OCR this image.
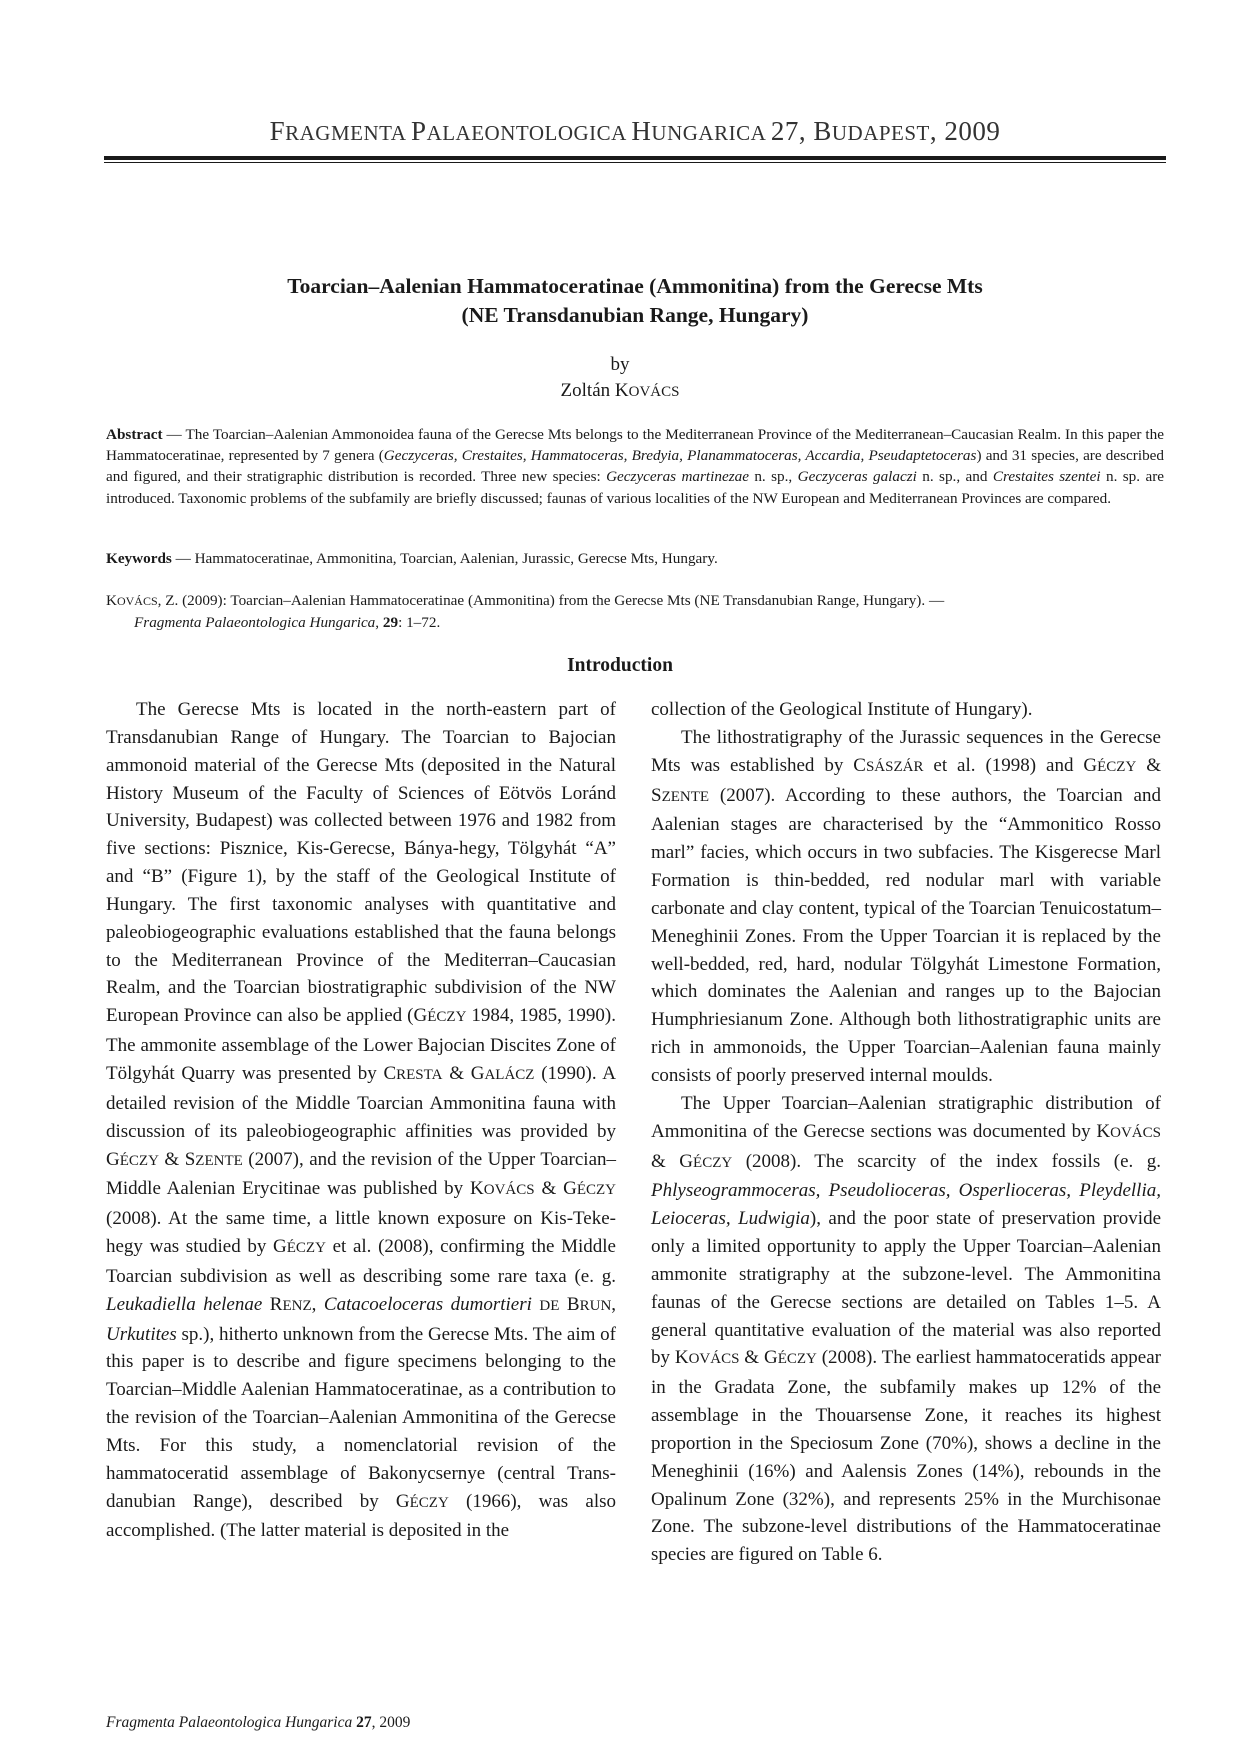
FRAGMENTA PALAEONTOLOGICA HUNGARICA 27, BUDAPEST, 2009
Toarcian–Aalenian Hammatoceratinae (Ammonitina) from the Gerecse Mts
(NE Transdanubian Range, Hungary)
by
Zoltán KOVÁCS
Abstract — The Toarcian–Aalenian Ammonoidea fauna of the Gerecse Mts belongs to the Mediterranean Province of the Mediterranean–Caucasian Realm. In this paper the Hammatoceratinae, represented by 7 genera (Geczyceras, Crestaites, Hammatoceras, Bredyia, Planammatoceras, Accardia, Pseudaptetoceras) and 31 species, are described and figured, and their stratigraphic distribution is recorded. Three new species: Geczyceras martinezae n. sp., Geczyceras galaczi n. sp., and Crestaites szentei n. sp. are introduced. Taxonomic problems of the subfamily are briefly discussed; faunas of various localities of the NW European and Mediterranean Provinces are compared.
Keywords — Hammatoceratinae, Ammonitina, Toarcian, Aalenian, Jurassic, Gerecse Mts, Hungary.
KOVÁCS, Z. (2009): Toarcian–Aalenian Hammatoceratinae (Ammonitina) from the Gerecse Mts (NE Transdanubian Range, Hungary). —
Fragmenta Palaeontologica Hungarica, 29: 1–72.
Introduction

The Gerecse Mts is located in the north-eastern part of Transdanubian Range of Hungary. The Toarcian to Bajocian ammonoid material of the Gerecse Mts (deposited in the Natural History Museum of the Faculty of Sciences of Eötvös Loránd University, Budapest) was collected between 1976 and 1982 from five sections: Pisznice, Kis-Gerecse, Bánya-hegy, Tölgyhát “A” and “B” (Figure 1), by the staff of the Geological Institute of Hungary. The first taxonomic analyses with quantitative and paleobiogeographic evaluations established that the fauna belongs to the Mediterranean Province of the Mediterran–Caucasian Realm, and the Toarcian biostratigraphic subdivision of the NW European Province can also be applied (GÉCZY 1984, 1985, 1990). The ammonite assemblage of the Lower Bajocian Discites Zone of Tölgyhát Quarry was presented by CRESTA & GALÁCZ (1990). A detailed revision of the Middle Toarcian Ammonitina fauna with discussion of its paleobiogeographic affinities was provided by GÉCZY & SZENTE (2007), and the revision of the Upper Toarcian–Middle Aalenian Erycitinae was published by KOVÁCS & GÉCZY (2008). At the same time, a little known exposure on Kis-Teke-hegy was studied by GÉCZY et al. (2008), confirming the Middle Toarcian subdivision as well as describing some rare taxa (e. g. Leukadiella helenae RENZ, Catacoeloceras dumortieri DE BRUN, Urkutites sp.), hitherto unknown from the Gerecse Mts. The aim of this paper is to describe and figure specimens belonging to the Toarcian–Middle Aalenian Hammatoceratinae, as a contribution to the revision of the Toarcian–Aalenian Ammonitina of the Gerecse Mts. For this study, a nomenclatorial revision of the hammatoceratid assemblage of Bakonycsernye (central Transdanubian Range), described by GÉCZY (1966), was also accomplished. (The latter material is deposited in the

collection of the Geological Institute of Hungary).

The lithostratigraphy of the Jurassic sequences in the Gerecse Mts was established by CSÁSZÁR et al. (1998) and GÉCZY & SZENTE (2007). According to these authors, the Toarcian and Aalenian stages are characterised by the “Ammonitico Rosso marl” facies, which occurs in two subfacies. The Kisgerecse Marl Formation is thin-bedded, red nodular marl with variable carbonate and clay content, typical of the Toarcian Tenuicostatum–Meneghinii Zones. From the Upper Toarcian it is replaced by the well-bedded, red, hard, nodular Tölgyhát Limestone Formation, which dominates the Aalenian and ranges up to the Bajocian Humphriesianum Zone. Although both lithostratigraphic units are rich in ammonoids, the Upper Toarcian–Aalenian fauna mainly consists of poorly preserved internal moulds.

The Upper Toarcian–Aalenian stratigraphic distribution of Ammonitina of the Gerecse sections was documented by KOVÁCS & GÉCZY (2008). The scarcity of the index fossils (e. g. Phlyseogrammoceras, Pseudolioceras, Osperlioceras, Pleydellia, Leioceras, Ludwigia), and the poor state of preservation provide only a limited opportunity to apply the Upper Toarcian–Aalenian ammonite stratigraphy at the subzone-level. The Ammonitina faunas of the Gerecse sections are detailed on Tables 1–5. A general quantitative evaluation of the material was also reported by KOVÁCS & GÉCZY (2008). The earliest hammatoceratids appear in the Gradata Zone, the subfamily makes up 12% of the assemblage in the Thouarsense Zone, it reaches its highest proportion in the Speciosum Zone (70%), shows a decline in the Meneghinii (16%) and Aalensis Zones (14%), rebounds in the Opalinum Zone (32%), and represents 25% in the Murchisonae Zone. The subzone-level distributions of the Hammatoceratinae species are figured on Table 6.

Fragmenta Palaeontologica Hungarica 27, 2009
